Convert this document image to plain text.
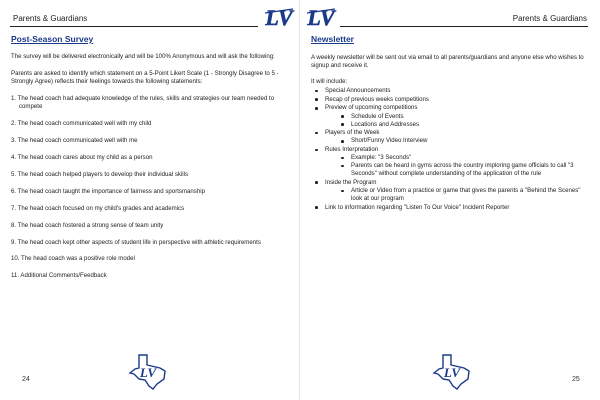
Parents & Guardians	LV
Post-Season Survey

The survey will be delivered electronically and will be 100% Anonymous and will ask the following:

Parents are asked to identify which statement on a 5-Point Likert Scale (1 - Strongly Disagree to 5 - Strongly Agree) reflects their feelings towards the following statements:

1. The head coach had adequate knowledge of the rules, skills and strategies our team needed to compete
2. The head coach communicated well with my child
3. The head coach communicated well with me
4. The head coach cares about my child as a person
5. The head coach helped players to develop their individual skills
6. The head coach taught the importance of fairness and sportsmanship
7. The head coach focused on my child's grades and academics
8. The head coach fostered a strong sense of team unity
9. The head coach kept other aspects of student life in perspective with athletic requirements
10. The head coach was a positive role model
11. Additional Comments/Feedback
24	LV
LV	Parents & Guardians
Newsletter

A weekly newsletter will be sent out via email to all parents/guardians and anyone else who wishes to signup and receive it.

It will include:

Special Announcements
Recap of previous weeks competitions
Preview of upcoming competitions
Schedule of Events
Locations and Addresses
Players of the Week
Short/Funny Video Interview
Rules Interpretation
Example: "3 Seconds"
Parents can be heard in gyms across the country imploring game officials to call "3 Seconds" without complete understanding of the application of the rule
Inside the Program
Article or Video from a practice or game that gives the parents a "Behind the Scenes" look at our program
Link to information regarding "Listen To Our Voice" Incident Reporter
LV	25
